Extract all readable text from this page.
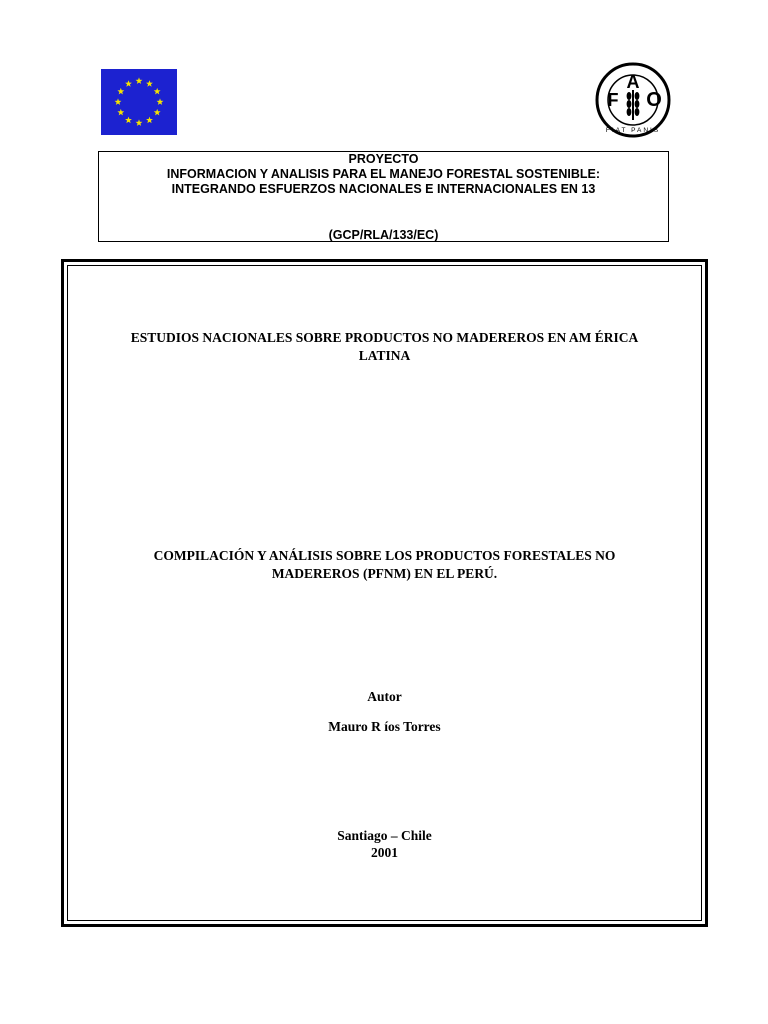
A
F O
FIAT PANIS
PROYECTO
INFORMACION Y ANALISIS PARA EL MANEJO FORESTAL SOSTENIBLE:
INTEGRANDO ESFUERZOS NACIONALES E INTERNACIONALES EN 13
(GCP/RLA/133/EC)
ESTUDIOS NACIONALES SOBRE PRODUCTOS NO MADEREROS EN AM ÉRICA
LATINA
COMPILACIÓN Y ANÁLISIS SOBRE LOS PRODUCTOS FORESTALES NO
MADEREROS (PFNM) EN EL PERÚ.
Autor
Mauro R íos Torres
Santiago – Chile
2001
